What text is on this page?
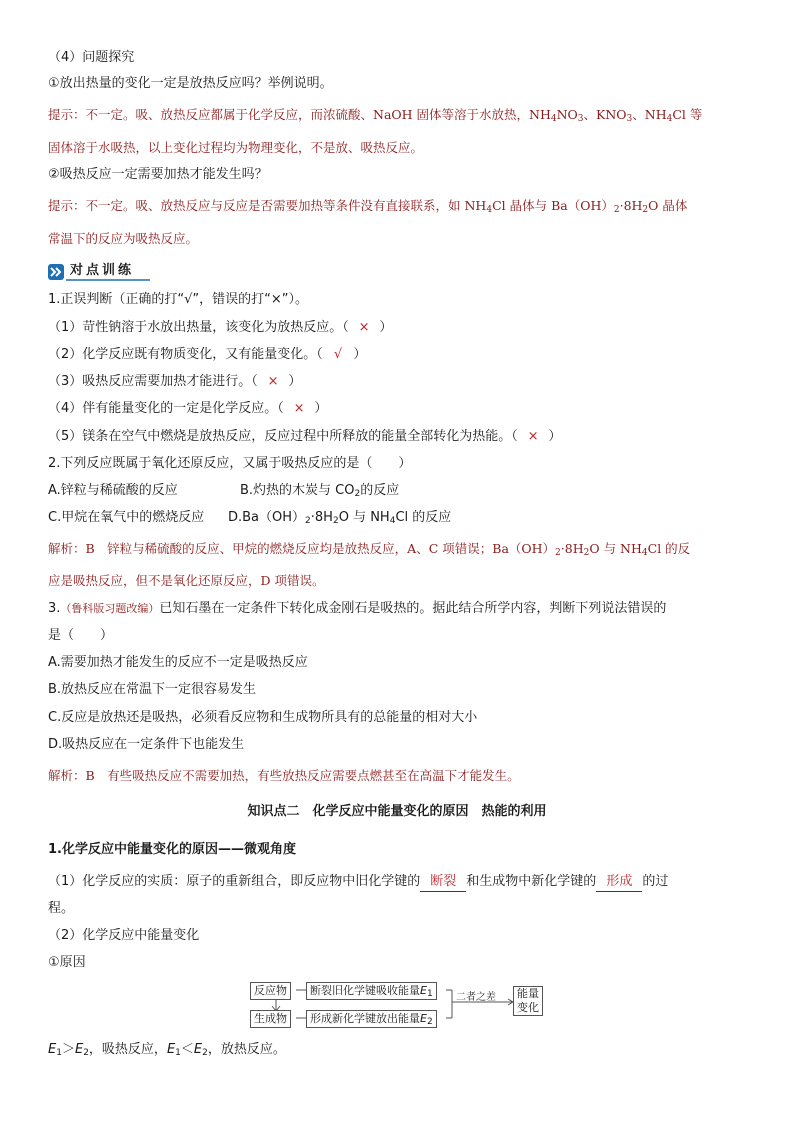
（4）问题探究
①放出热量的变化一定是放热反应吗？举例说明。
提示：不一定。吸、放热反应都属于化学反应，而浓硫酸、NaOH 固体等溶于水放热，$NH_4NO_3$、$KNO_3$、$NH_4Cl$ 等
固体溶于水吸热，以上变化过程均为物理变化，不是放、吸热反应。
②吸热反应一定需要加热才能发生吗？
提示：不一定。吸、放热反应与反应是否需要加热等条件没有直接联系，如 $NH_4Cl$ 晶体与 $Ba(OH)_2\cdot 8H_2O$ 晶体
常温下的反应为吸热反应。
对点训练
1.正误判断（正确的打“√”，错误的打“×”）。
（1）苛性钠溶于水放出热量，该变化为放热反应。（ × ）
（2）化学反应既有物质变化，又有能量变化。（ √ ）
（3）吸热反应需要加热才能进行。（ × ）
（4）伴有能量变化的一定是化学反应。（ × ）
（5）镁条在空气中燃烧是放热反应，反应过程中所释放的能量全部转化为热能。（ × ）
2.下列反应既属于氧化还原反应，又属于吸热反应的是（　　）
A.锌粒与稀硫酸的反应	B.灼热的木炭与 $CO_2$的反应
C.甲烷在氧气中的燃烧反应 $D.Ba(OH)_2\cdot 8H_2O$ 与 $NH_4Cl$ 的反应
解析：B　锌粒与稀硫酸的反应、甲烷的燃烧反应均是放热反应，A、C 项错误；$Ba(OH)_2\cdot 8H_2O$ 与 $NH_4Cl$ 的反
应是吸热反应，但不是氧化还原反应，D 项错误。
3.（鲁科版习题改编）已知石墨在一定条件下转化成金刚石是吸热的。据此结合所学内容，判断下列说法错误的
是（　　）
A.需要加热才能发生的反应不一定是吸热反应
B.放热反应在常温下一定很容易发生
C.反应是放热还是吸热，必须看反应物和生成物所具有的总能量的相对大小
D.吸热反应在一定条件下也能发生
解析：B　有些吸热反应不需要加热，有些放热反应需要点燃甚至在高温下才能发生。
知识点二　化学反应中能量变化的原因　热能的利用
1.化学反应中能量变化的原因——微观角度
（1）化学反应的实质：原子的重新组合，即反应物中旧化学键的 断裂 和生成物中新化学键的 形成 的过
程。
（2）化学反应中能量变化
①原因
反应物
生成物
断裂旧化学键吸收能量$E_1$
形成新化学键放出能量$E_2$
二者之差 能量
变化
$E_1>E_2$，吸热反应，$E_1<E_2$，放热反应。
